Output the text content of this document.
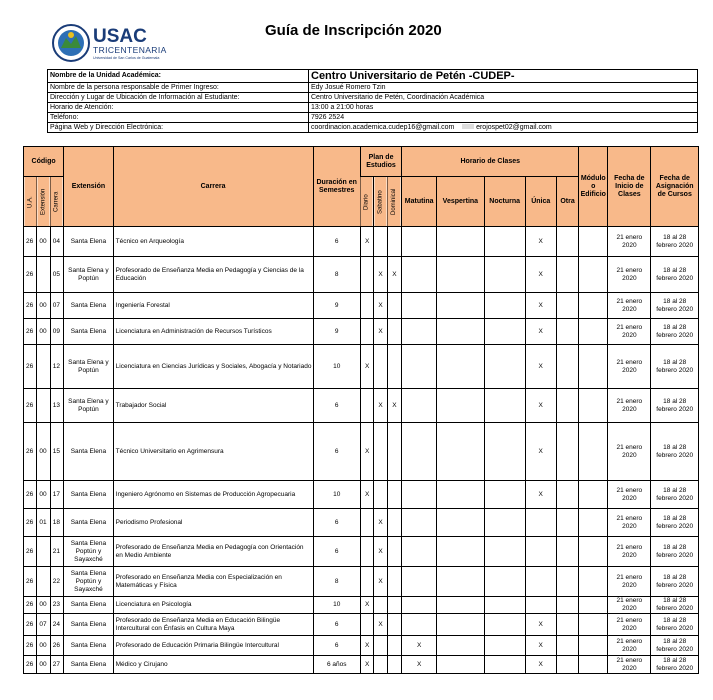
USAC
TRICENTENARIA
Universidad de San Carlos de Guatemala
Guía de Inscripción 2020
Nombre de la Unidad Académica:	Centro Universitario de Petén -CUDEP-
Nombre de la persona responsable de Primer Ingreso:	Edy Josué Romero Tzin
Dirección y Lugar de Ubicación de Información al Estudiante:	Centro Universitario de Petén, Coordinación Académica
Horario de Atención:	13:00 a 21:00 horas
Teléfono:	7926 2524
Página Web y Dirección Electrónica:	coordinacion.academica.cudep16@gmail.com erojospet02@gmail.com
Código			Extensión	Carrera	Duración en Semestres	Plan de Estudios			Horario de Clases					Módulo o Edificio	Fecha de Inicio de Clases	Fecha de Asignación de Cursos
U.A.	Extensión	Carrera				Diario	Sabatino	Dominical	Matutina	Vespertina	Nocturna	Única	Otra			
26	00	04	Santa Elena	Técnico en Arqueología	6	X						X			21 enero 2020	18 al 28 febrero 2020
26		05	Santa Elena y Poptún	Profesorado de Enseñanza Media en Pedagogía y Ciencias de la Educación	8		X	X				X			21 enero 2020	18 al 28 febrero 2020
26	00	07	Santa Elena	Ingeniería Forestal	9		X					X			21 enero 2020	18 al 28 febrero 2020
26	00	09	Santa Elena	Licenciatura en Administración de Recursos Turísticos	9		X					X			21 enero 2020	18 al 28 febrero 2020
26		12	Santa Elena y Poptún	Licenciatura en Ciencias Jurídicas y Sociales, Abogacía y Notariado	10	X						X			21 enero 2020	18 al 28 febrero 2020
26		13	Santa Elena y Poptún	Trabajador Social	6		X	X				X			21 enero 2020	18 al 28 febrero 2020
26	00	15	Santa Elena	Técnico Universitario en Agrimensura	6	X						X			21 enero 2020	18 al 28 febrero 2020
26	00	17	Santa Elena	Ingeniero Agrónomo en Sistemas de Producción Agropecuaria	10	X						X			21 enero 2020	18 al 28 febrero 2020
26	01	18	Santa Elena	Periodismo Profesional	6		X								21 enero 2020	18 al 28 febrero 2020
26		21	Santa Elena Poptún y Sayaxché	Profesorado de Enseñanza Media en Pedagogía con Orientación en Medio Ambiente	6		X								21 enero 2020	18 al 28 febrero 2020
26		22	Santa Elena Poptún y Sayaxché	Profesorado en Enseñanza Media con Especialización en Matemáticas y Física	8		X								21 enero 2020	18 al 28 febrero 2020
26	00	23	Santa Elena	Licenciatura en Psicología	10	X									21 enero 2020	18 al 28 febrero 2020
26	07	24	Santa Elena	Profesorado de Enseñanza Media en Educación Bilingüe Intercultural con Énfasis en Cultura Maya	6		X					X			21 enero 2020	18 al 28 febrero 2020
26	00	26	Santa Elena	Profesorado de Educación Primaria Bilingüe Intercultural	6	X			X			X			21 enero 2020	18 al 28 febrero 2020
26	00	27	Santa Elena	Médico y Cirujano	6 años	X			X			X			21 enero 2020	18 al 28 febrero 2020
